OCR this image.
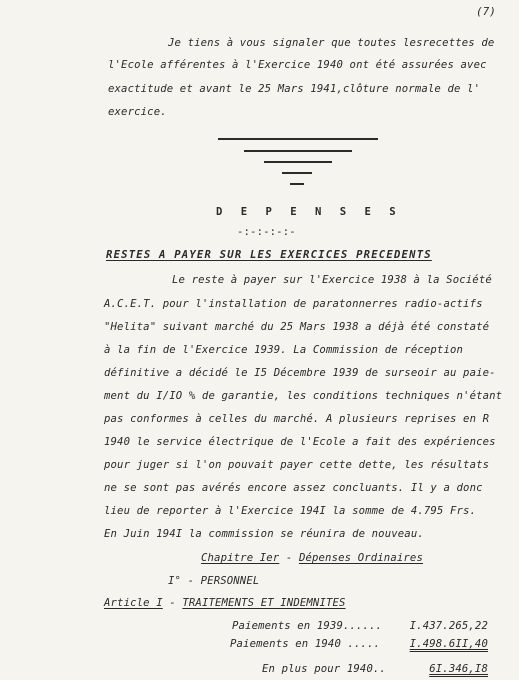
(7)
Je tiens à vous signaler que toutes lesrecettes de
l'Ecole afférentes à l'Exercice 1940 ont été assurées avec
exactitude et avant le 25 Mars 1941,clôture normale de l'
exercice.
D E P E N S E S
-:-:-:-:-
RESTES A PAYER SUR LES EXERCICES PRECEDENTS
Le reste à payer sur l'Exercice 1938 à la Société
A.C.E.T. pour l'installation de paratonnerres radio-actifs
"Helita" suivant marché du 25 Mars 1938 a déjà été constaté
à la fin de l'Exercice 1939. La Commission de réception
définitive a décidé le I5 Décembre 1939 de surseoir au paie-
ment du I/IO % de garantie, les conditions techniques n'étant
pas conformes à celles du marché. A plusieurs reprises en R
1940 le service électrique de l'Ecole a fait des expériences
pour juger si l'on pouvait payer cette dette, les résultats
ne se sont pas avérés encore assez concluants. Il y a donc
lieu de reporter à l'Exercice 194I la somme de 4.795 Frs.
En Juin 194I la commission se réunira de nouveau.
Chapitre Ier - Dépenses Ordinaires
I° - PERSONNEL
Article I - TRAITEMENTS ET INDEMNITES
Paiements en 1939......	I.437.265,22
Paiements en 1940 .....	I.498.6II,40
En plus pour 1940..	6I.346,I8
